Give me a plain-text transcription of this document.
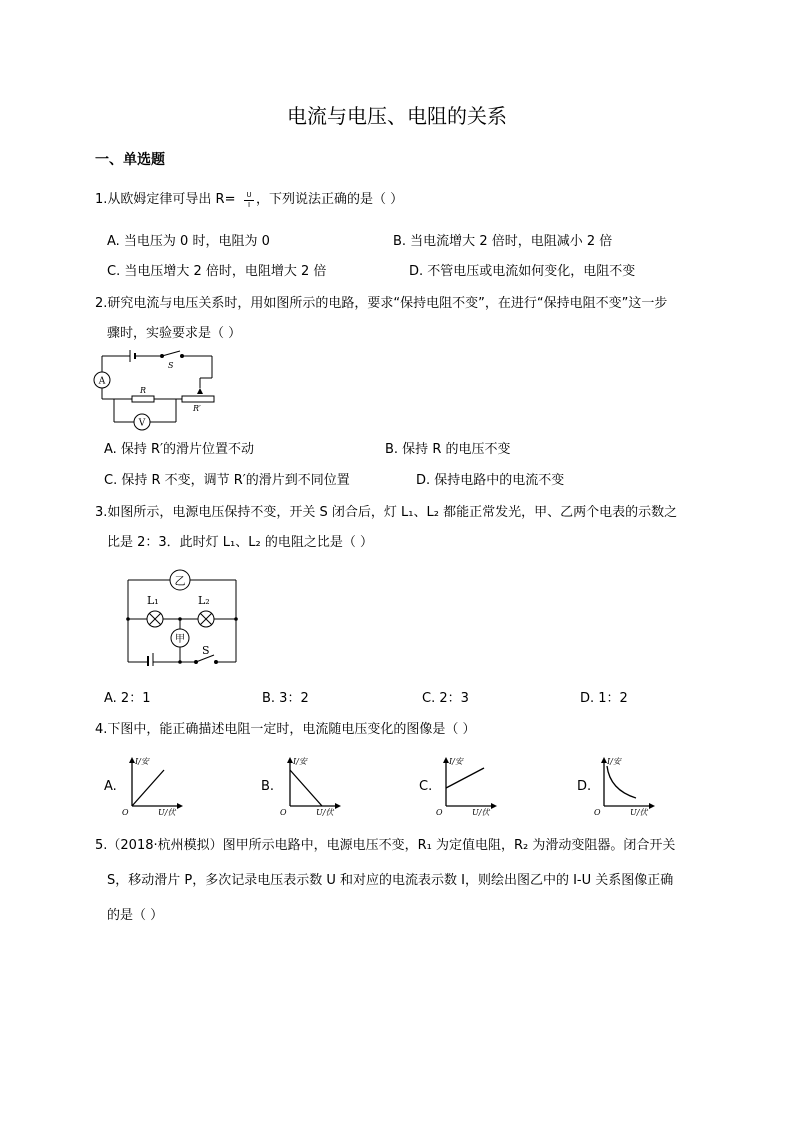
电流与电压、电阻的关系
一、单选题
1.从欧姆定律可导出 R=	U
I ，下列说法正确的是（ ）
A. 当电压为 0 时，电阻为 0	B. 当电流增大 2 倍时，电阻减小 2 倍
C. 当电压增大 2 倍时，电阻增大 2 倍	D. 不管电压或电流如何变化，电阻不变
2.研究电流与电压关系时，用如图所示的电路，要求“保持电阻不变”，在进行“保持电阻不变”这一步
骤时，实验要求是（ ）
A
V
S
R
R′
A. 保持 R′的滑片位置不动	B. 保持 R 的电压不变
C. 保持 R 不变，调节 R′的滑片到不同位置	D. 保持电路中的电流不变
3.如图所示，电源电压保持不变，开关 S 闭合后，灯 L₁、L₂ 都能正常发光，甲、乙两个电表的示数之
比是 2：3．此时灯 L₁、L₂ 的电阻之比是（ ）
乙
甲
L₁	L₂
S
A. 2：1	B. 3：2	C. 2：3	D. 1：2
4.下图中，能正确描述电阻一定时，电流随电压变化的图像是（ ）
A.
I/安
U/伏
O
B.
I/安
U/伏
O
C.
I/安
U/伏
O
D.
I/安
U/伏
O
5.（2018·杭州模拟）图甲所示电路中，电源电压不变，R₁ 为定值电阻，R₂ 为滑动变阻器。闭合开关
S，移动滑片 P，多次记录电压表示数 U 和对应的电流表示数 I，则绘出图乙中的 I-U 关系图像正确
的是（ ）
